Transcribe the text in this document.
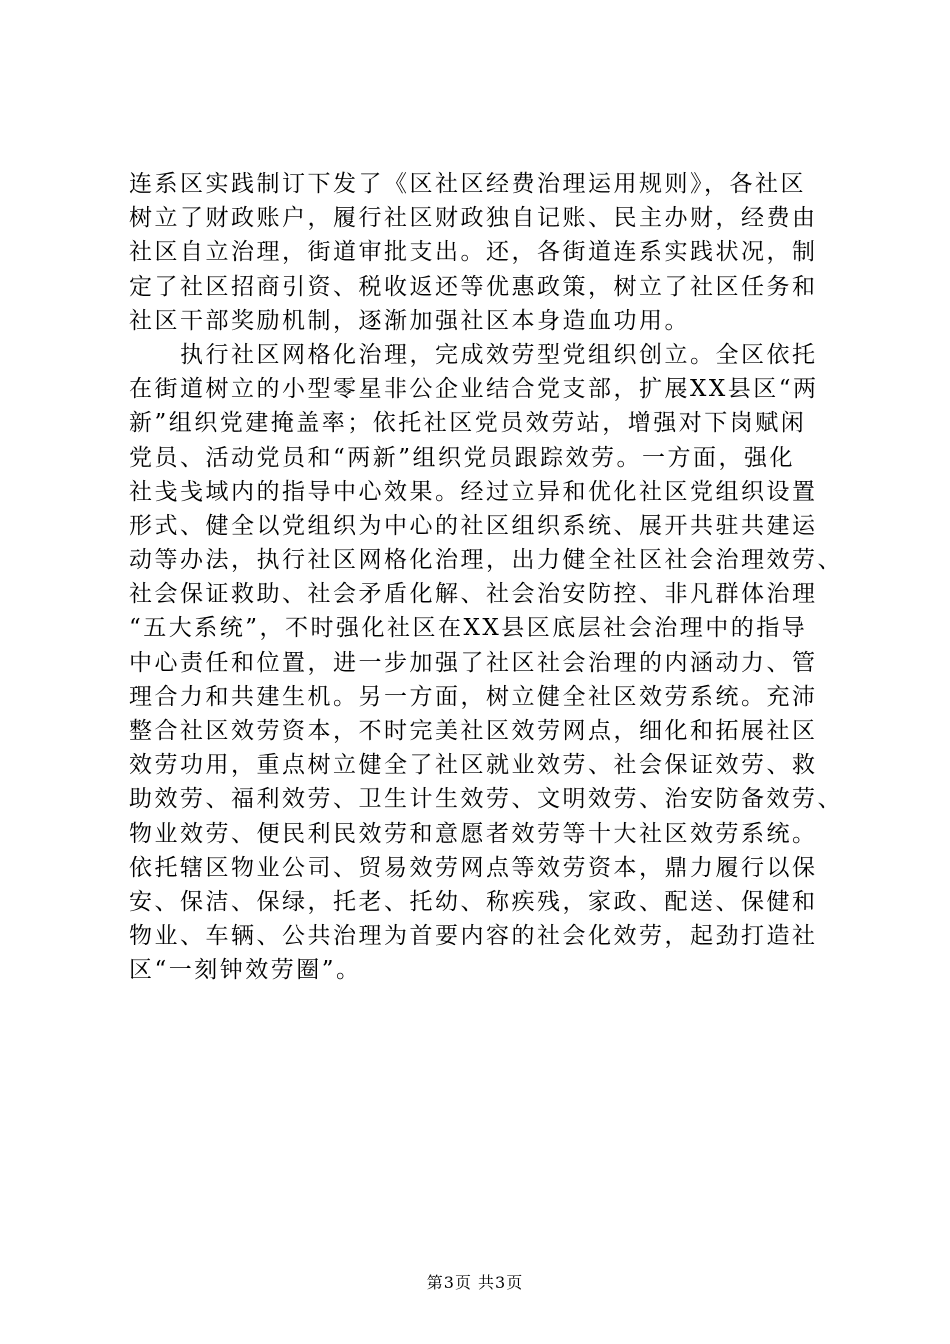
连系区实践制订下发了《区社区经费治理运用规则》，各社区
树立了财政账户，履行社区财政独自记账、民主办财，经费由
社区自立治理，街道审批支出。还，各街道连系实践状况，制
定了社区招商引资、税收返还等优惠政策，树立了社区任务和
社区干部奖励机制，逐渐加强社区本身造血功用。
　　执行社区网格化治理，完成效劳型党组织创立。全区依托
在街道树立的小型零星非公企业结合党支部，扩展XX县区“两
新”组织党建掩盖率；依托社区党员效劳站，增强对下岗赋闲
党员、活动党员和“两新”组织党员跟踪效劳。一方面，强化
社戋戋域内的指导中心效果。经过立异和优化社区党组织设置
形式、健全以党组织为中心的社区组织系统、展开共驻共建运
动等办法，执行社区网格化治理，出力健全社区社会治理效劳、
社会保证救助、社会矛盾化解、社会治安防控、非凡群体治理
“五大系统”，不时强化社区在XX县区底层社会治理中的指导
中心责任和位置，进一步加强了社区社会治理的内涵动力、管
理合力和共建生机。另一方面，树立健全社区效劳系统。充沛
整合社区效劳资本，不时完美社区效劳网点，细化和拓展社区
效劳功用，重点树立健全了社区就业效劳、社会保证效劳、救
助效劳、福利效劳、卫生计生效劳、文明效劳、治安防备效劳、
物业效劳、便民利民效劳和意愿者效劳等十大社区效劳系统。
依托辖区物业公司、贸易效劳网点等效劳资本，鼎力履行以保
安、保洁、保绿，托老、托幼、称疾残，家政、配送、保健和
物业、车辆、公共治理为首要内容的社会化效劳，起劲打造社
区“一刻钟效劳圈”。
第3页 共3页
